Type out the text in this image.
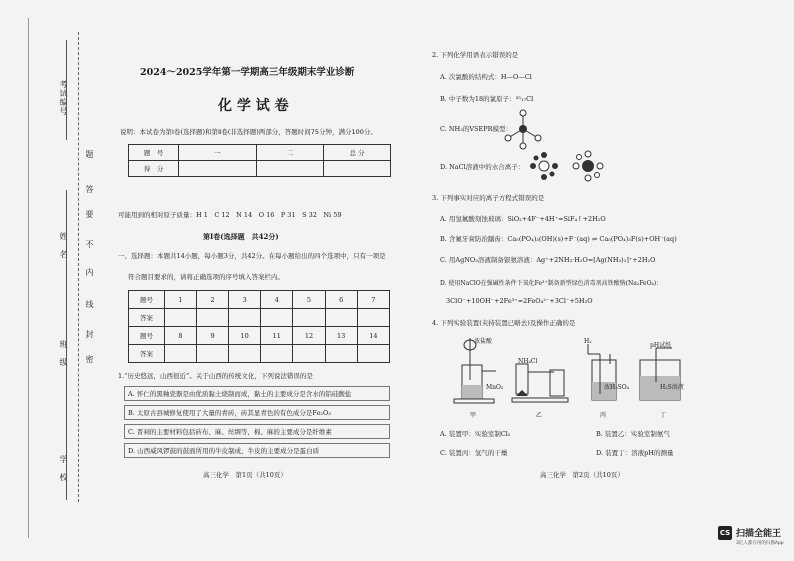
考试编号
题
答
要
姓　名 不
内
线
班　级
封
密
学　校
2024～2025学年第一学期高三年级期末学业诊断
化 学 试 卷
说明：本试卷为第Ⅰ卷(选择题)和第Ⅱ卷(非选择题)两部分，答题时间75分钟，满分100分。
题　号	一	二	总 分
得　分			
可能用到的相对原子质量：H 1　C 12　N 14　O 16　P 31　S 32　Ni 59
第Ⅰ卷(选择题　共42分)
一、选择题：本题共14小题，每小题3分，共42分。在每小题给出的四个选项中，只有一项是
符合题目要求的，请将正确选项的序号填入答案栏内。
题号	1	2	3	4	5	6	7
答案							
题号	8	9	10	11	12	13	14
答案							
1.“历史悠远，山西很近”。关于山西的传统文化，下列说法错误的是
A. 怀仁的黑釉瓷器是由优质黏土烧制而成，黏土的主要成分是含水的铝硅酸盐
B. 太原古县城修复使用了大量的青砖，砖其显青色的有色成分是Fe₂O₃
C. 晋祠的主要材料包括砖布、麻、丝绸等，棉、麻的主要成分是纤维素
D. 山西威风锣鼓的鼓面所用的牛皮制成，牛皮的主要成分是蛋白质
高三化学　第1页（共10页）
2. 下列化学用语表示错误的是
A. 次氯酸的结构式：H—O—Cl
B. 中子数为18的氯原子：³⁵₁₇Cl
C. NH₃的VSEPR模型：
D. NaCl溶液中的水合离子：
3. 下列事实对应的离子方程式错误的是
A. 用氢氟酸刻蚀玻璃：SiO₂+4F⁻+4H⁺=SiF₄↑+2H₂O
B. 含氟牙膏防治龋齿：Ca₅(PO₄)₃(OH)(s)+F⁻(aq) ⇌ Ca₅(PO₄)₃F(s)+OH⁻(aq)
C. 用AgNO₃溶液制备银氨溶液：Ag⁺+2NH₃·H₂O=[Ag(NH₃)₂]⁺+2H₂O
D. 使用NaClO在强碱性条件下氧化Fe³⁺制备新型绿色消毒剂高铁酸钠(Na₂FeO₄)：
3ClO⁻+10OH⁻+2Fe³⁺=2FeO₄²⁻+3Cl⁻+5H₂O
4. 下列实验装置(夹持装置已略去)及操作正确的是
浓盐酸
MnO₂
甲
NH₄Cl
乙
H₂
浓H₂SO₄
丙
pH试纸
H₂S溶液
丁
A. 装置甲：实验室制Cl₂	B. 装置乙：实验室制氨气
C. 装置丙：氢气的干燥	D. 装置丁：溶液pH的测量
高三化学　第2页（共10页）
CS 扫描全能王
3亿人都在用的扫描App
